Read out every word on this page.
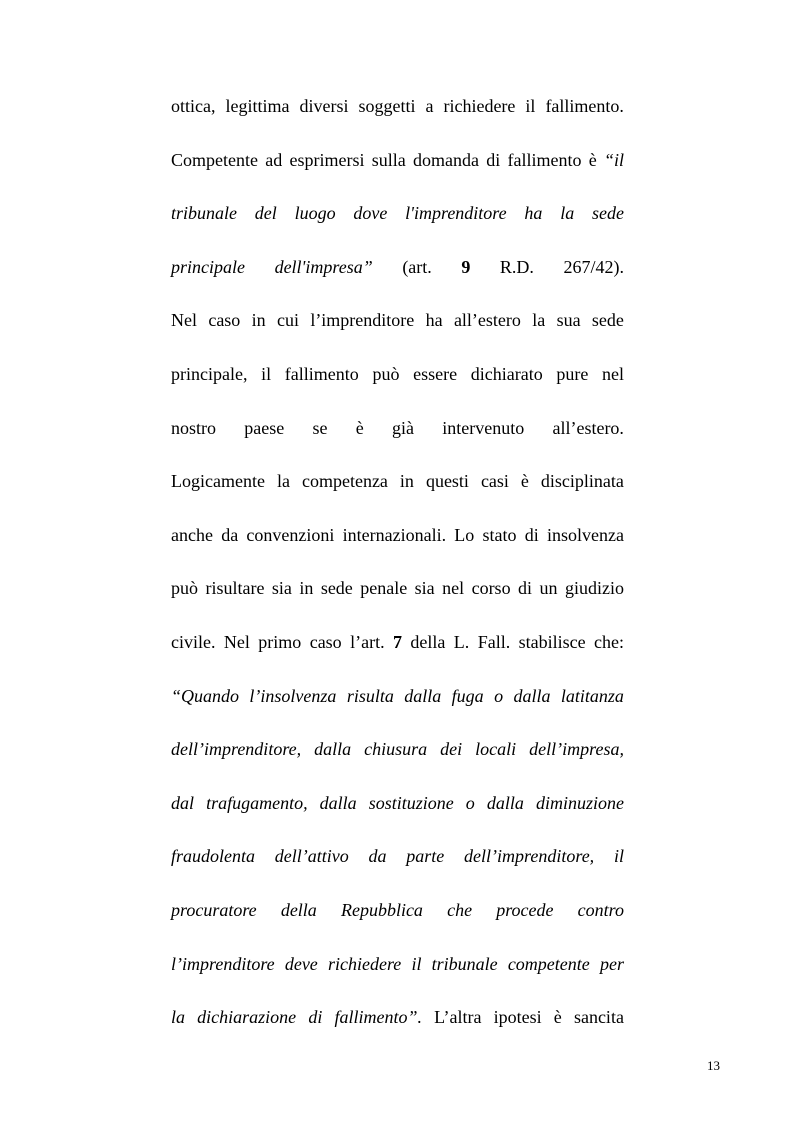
ottica, legittima diversi soggetti a richiedere il fallimento.
Competente ad esprimersi sulla domanda di fallimento è “il
tribunale del luogo dove l'imprenditore ha la sede
principale dell'impresa” (art. 9 R.D. 267/42).
Nel caso in cui l’imprenditore ha all’estero la sua sede
principale, il fallimento può essere dichiarato pure nel
nostro paese se è già intervenuto all’estero.
Logicamente la competenza in questi casi è disciplinata
anche da convenzioni internazionali. Lo stato di insolvenza
può risultare sia in sede penale sia nel corso di un giudizio
civile. Nel primo caso l’art. 7 della L. Fall. stabilisce che:
“Quando l’insolvenza risulta dalla fuga o dalla latitanza
dell’imprenditore, dalla chiusura dei locali dell’impresa,
dal trafugamento, dalla sostituzione o dalla diminuzione
fraudolenta dell’attivo da parte dell’imprenditore, il
procuratore della Repubblica che procede contro
l’imprenditore deve richiedere il tribunale competente per
la dichiarazione di fallimento”. L’altra ipotesi è sancita
13
